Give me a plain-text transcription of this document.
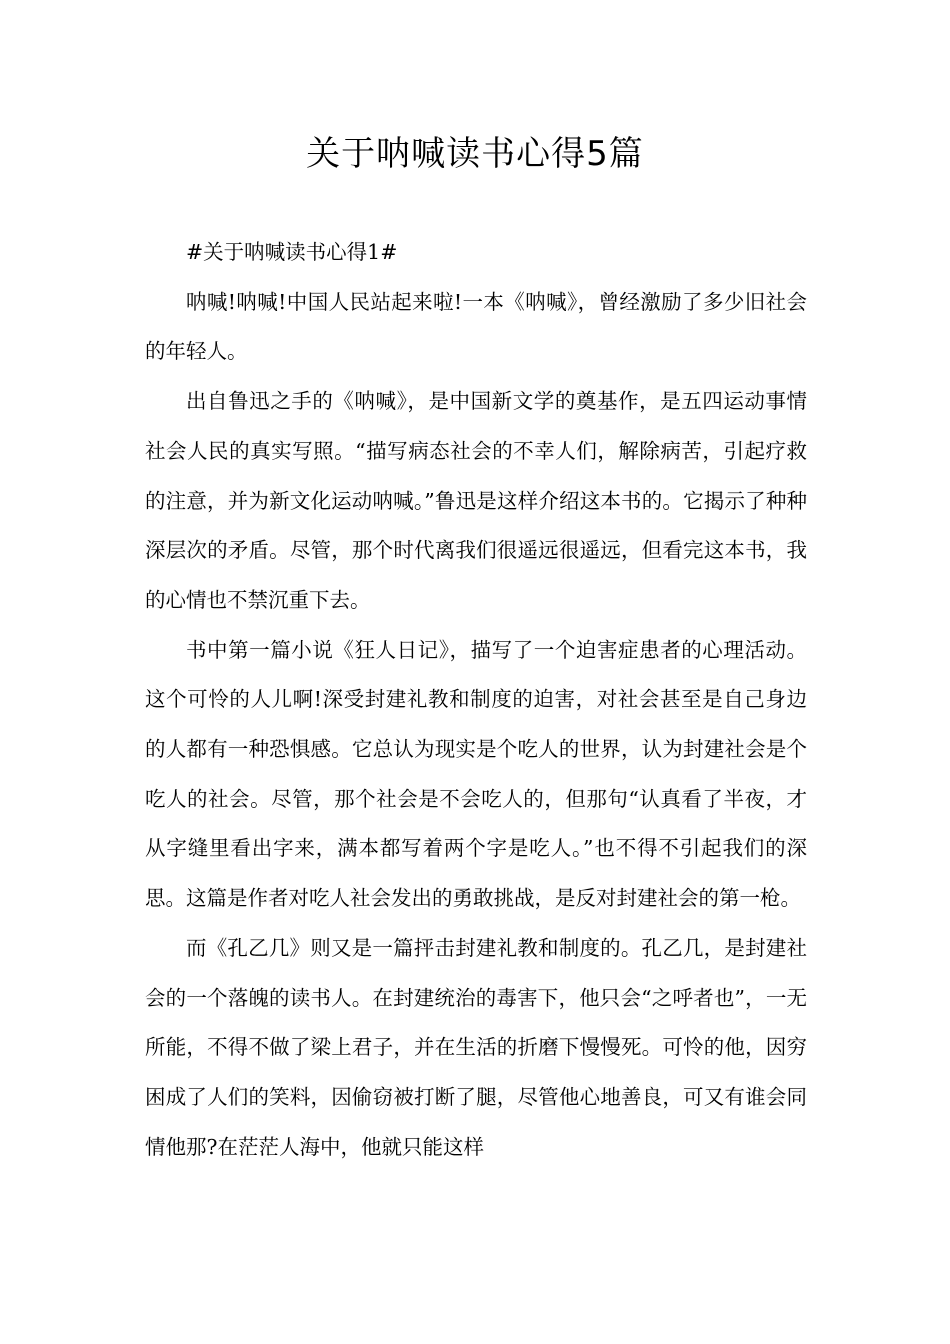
关于呐喊读书心得5篇

#关于呐喊读书心得1#

呐喊!呐喊!中国人民站起来啦!一本《呐喊》，曾经激励了多少旧社会的年轻人。

出自鲁迅之手的《呐喊》，是中国新文学的奠基作，是五四运动事情社会人民的真实写照。“描写病态社会的不幸人们，解除病苦，引起疗救的注意，并为新文化运动呐喊。”鲁迅是这样介绍这本书的。它揭示了种种深层次的矛盾。尽管，那个时代离我们很遥远很遥远，但看完这本书，我的心情也不禁沉重下去。

书中第一篇小说《狂人日记》，描写了一个迫害症患者的心理活动。这个可怜的人儿啊!深受封建礼教和制度的迫害，对社会甚至是自己身边的人都有一种恐惧感。它总认为现实是个吃人的世界，认为封建社会是个吃人的社会。尽管，那个社会是不会吃人的，但那句“认真看了半夜，才从字缝里看出字来，满本都写着两个字是吃人。”也不得不引起我们的深思。这篇是作者对吃人社会发出的勇敢挑战，是反对封建社会的第一枪。

而《孔乙几》则又是一篇抨击封建礼教和制度的。孔乙几，是封建社会的一个落魄的读书人。在封建统治的毒害下，他只会“之呼者也”，一无所能，不得不做了梁上君子，并在生活的折磨下慢慢死。可怜的他，因穷困成了人们的笑料，因偷窃被打断了腿，尽管他心地善良，可又有谁会同情他那?在茫茫人海中，他就只能这样
